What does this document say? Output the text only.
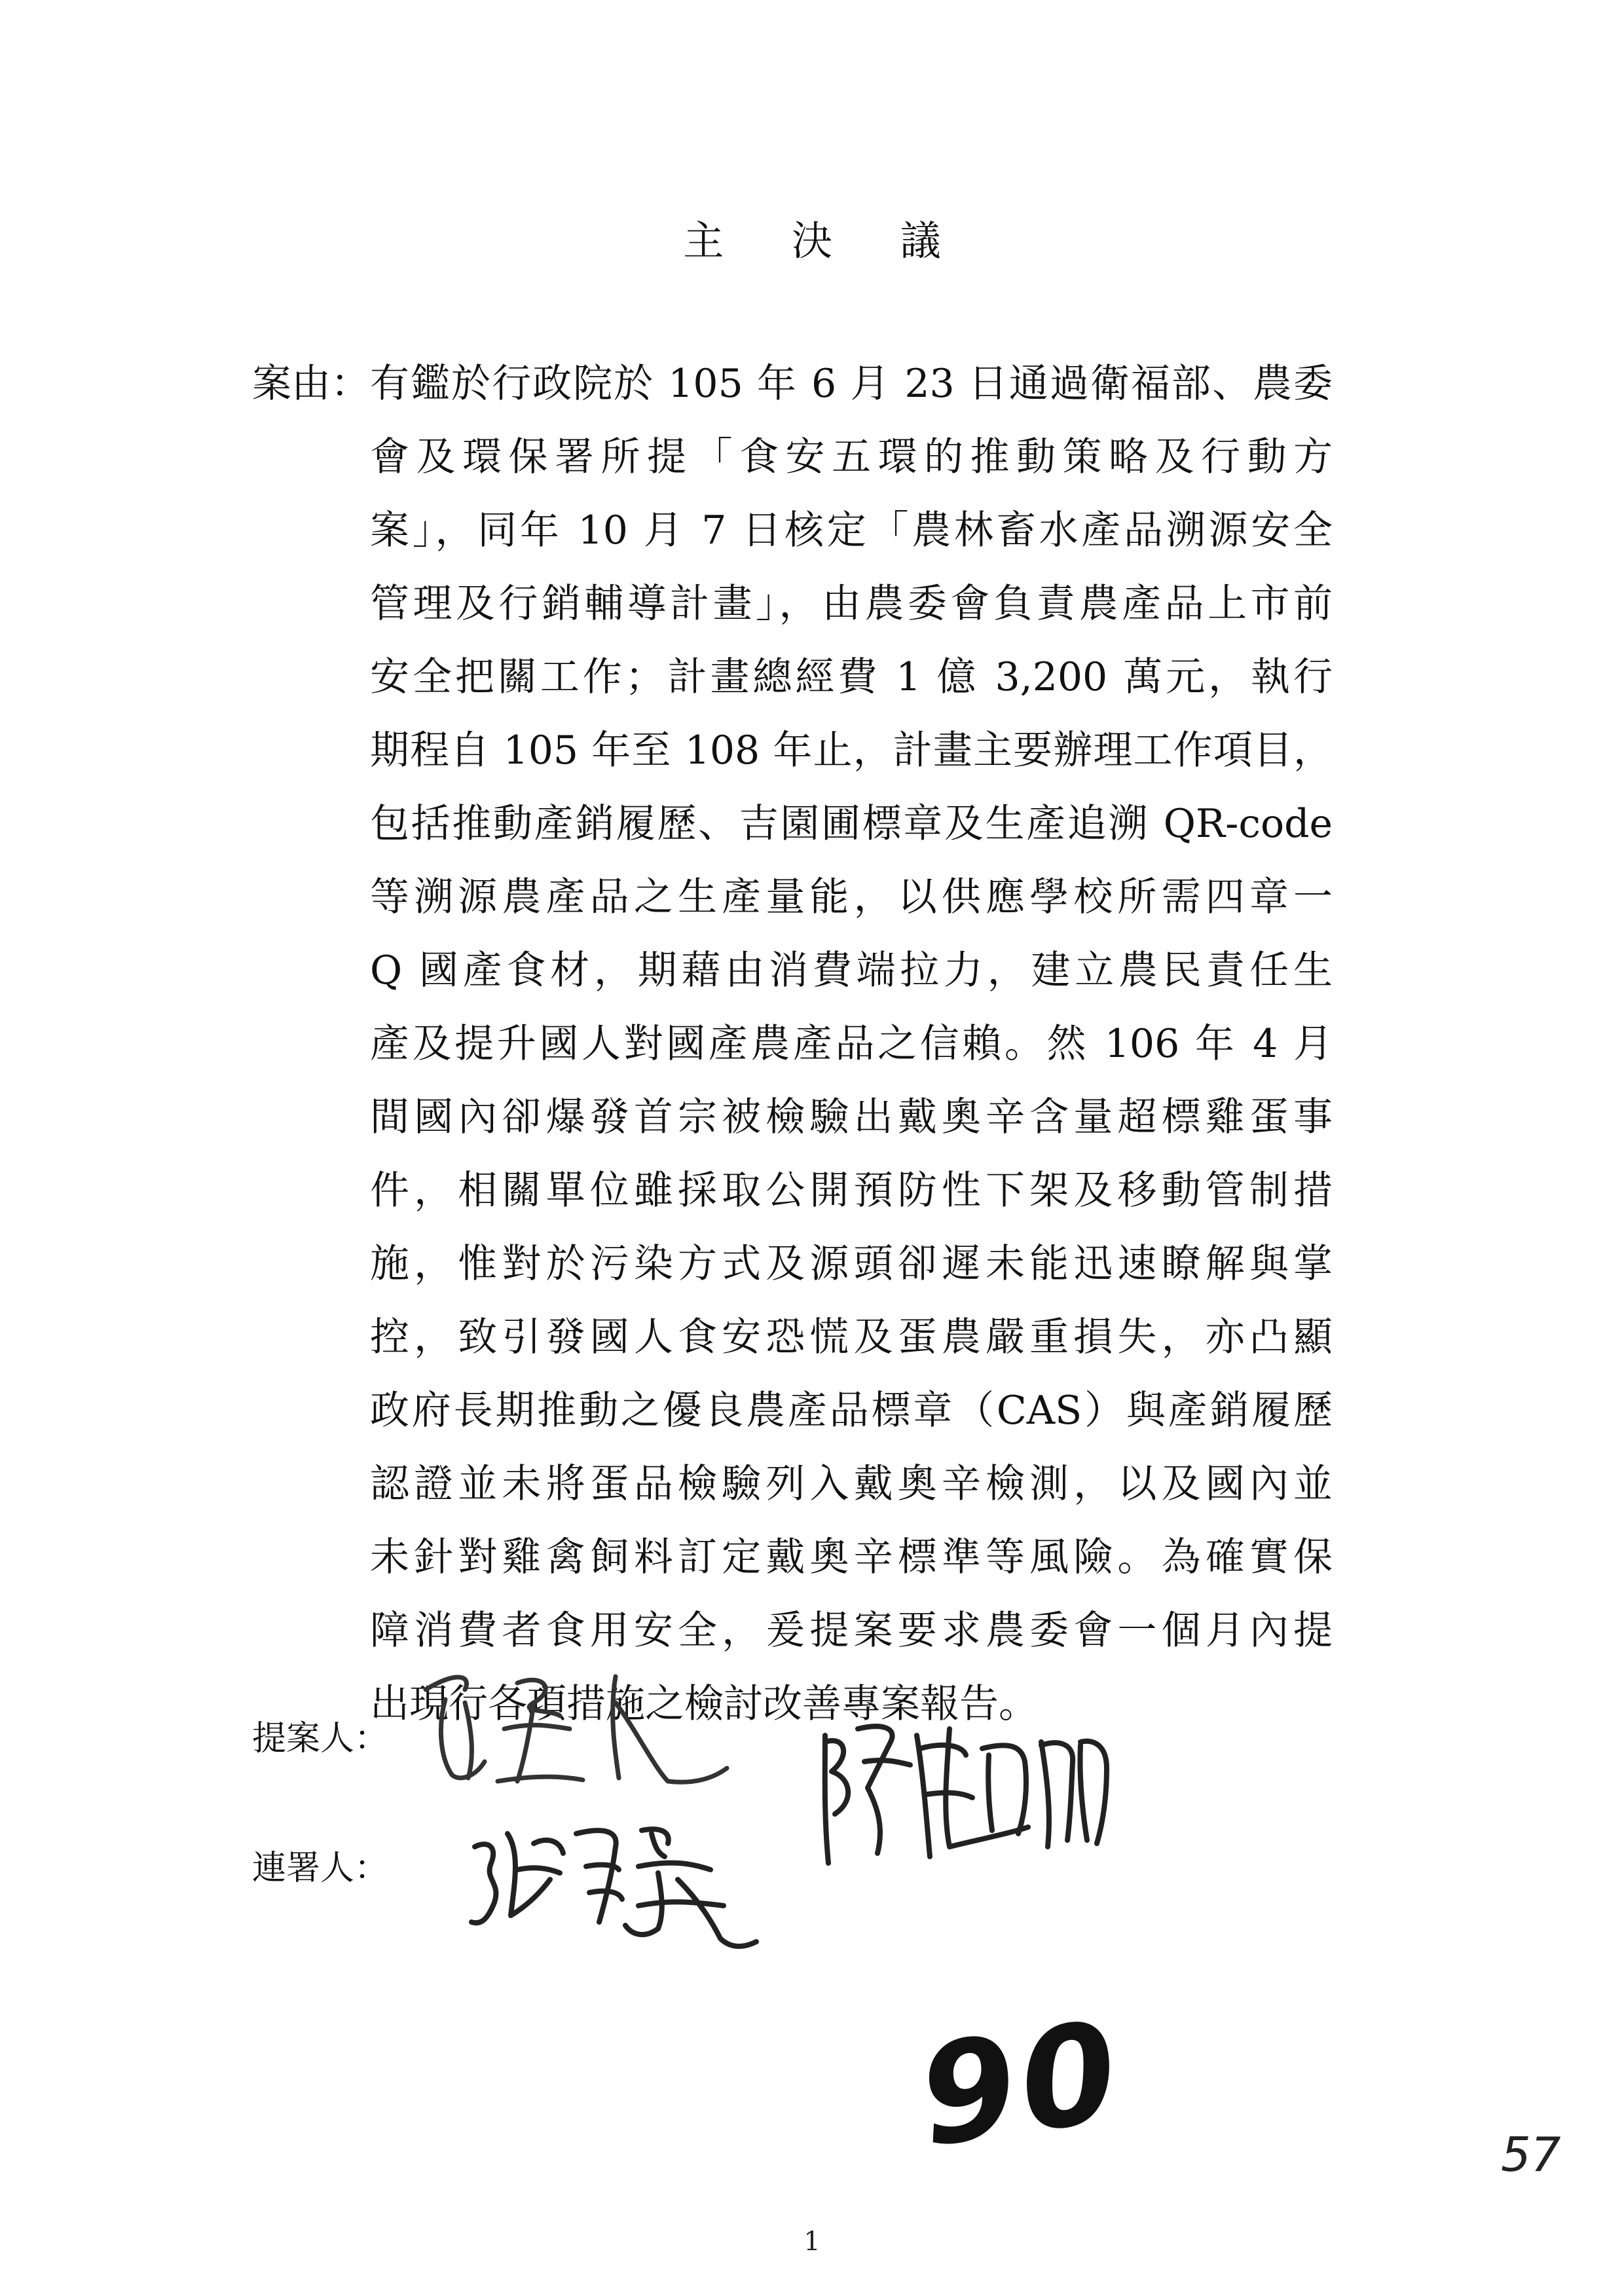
主 決 議
案由： 有鑑於行政院於 105 年 6 月 23 日通過衛福部、農委
會及環保署所提「食安五環的推動策略及行動方
案」，同年 10 月 7 日核定「農林畜水產品溯源安全
管理及行銷輔導計畫」，由農委會負責農產品上市前
安全把關工作；計畫總經費 1 億 3,200 萬元，執行
期程自 105 年至 108 年止，計畫主要辦理工作項目，
包括推動產銷履歷、吉園圃標章及生產追溯 QR-code
等溯源農產品之生產量能，以供應學校所需四章一
Q 國產食材，期藉由消費端拉力，建立農民責任生
產及提升國人對國產農產品之信賴。然 106 年 4 月
間國內卻爆發首宗被檢驗出戴奧辛含量超標雞蛋事
件，相關單位雖採取公開預防性下架及移動管制措
施，惟對於污染方式及源頭卻遲未能迅速瞭解與掌
控，致引發國人食安恐慌及蛋農嚴重損失，亦凸顯
政府長期推動之優良農產品標章（CAS）與產銷履歷
認證並未將蛋品檢驗列入戴奧辛檢測，以及國內並
未針對雞禽飼料訂定戴奧辛標準等風險。為確實保
障消費者食用安全，爰提案要求農委會一個月內提
出現行各項措施之檢討改善專案報告。
提案人：
連署人：
90	57
1
